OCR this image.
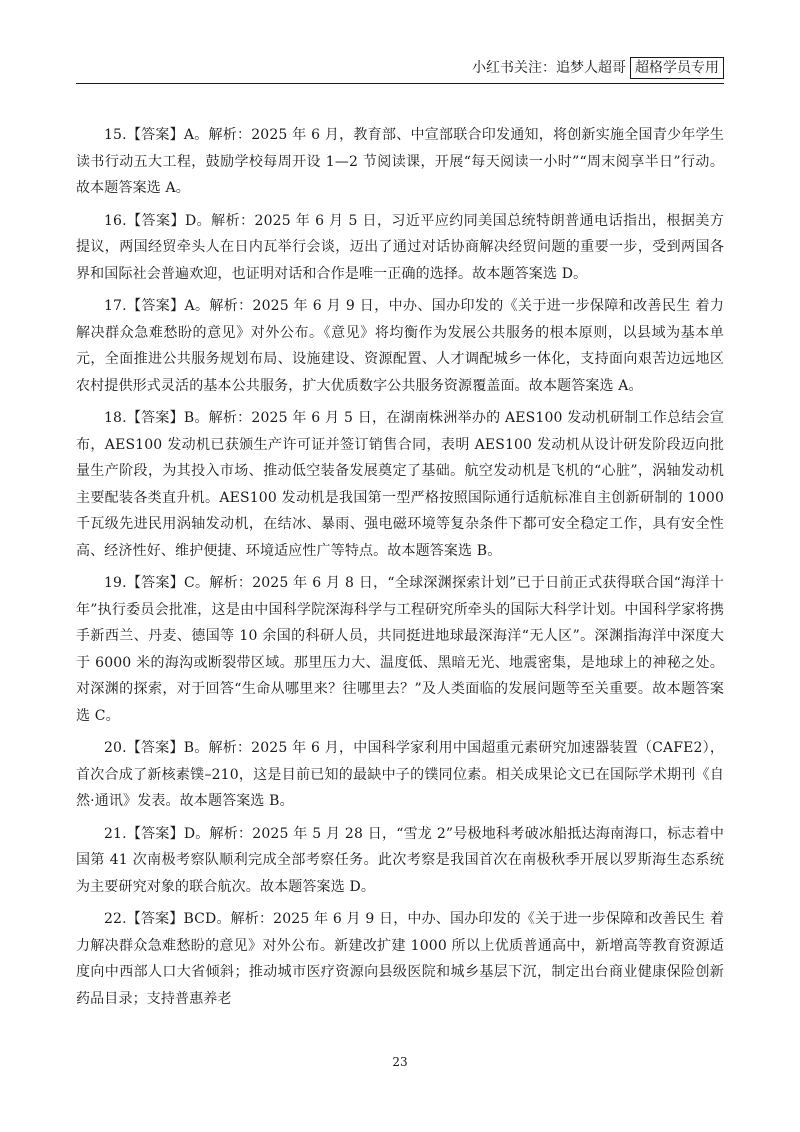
小红书关注：追梦人超哥 超格学员专用

15.【答案】A。解析：2025 年 6 月，教育部、中宣部联合印发通知，将创新实施全国青少年学生读书行动五大工程，鼓励学校每周开设 1—2 节阅读课，开展“每天阅读一小时”“周末阅享半日”行动。故本题答案选 A。

16.【答案】D。解析：2025 年 6 月 5 日，习近平应约同美国总统特朗普通电话指出，根据美方提议，两国经贸牵头人在日内瓦举行会谈，迈出了通过对话协商解决经贸问题的重要一步，受到两国各界和国际社会普遍欢迎，也证明对话和合作是唯一正确的选择。故本题答案选 D。

17.【答案】A。解析：2025 年 6 月 9 日，中办、国办印发的《关于进一步保障和改善民生 着力解决群众急难愁盼的意见》对外公布。《意见》将均衡作为发展公共服务的根本原则，以县域为基本单元，全面推进公共服务规划布局、设施建设、资源配置、人才调配城乡一体化，支持面向艰苦边远地区农村提供形式灵活的基本公共服务，扩大优质数字公共服务资源覆盖面。故本题答案选 A。

18.【答案】B。解析：2025 年 6 月 5 日，在湖南株洲举办的 AES100 发动机研制工作总结会宣布，AES100 发动机已获颁生产许可证并签订销售合同，表明 AES100 发动机从设计研发阶段迈向批量生产阶段，为其投入市场、推动低空装备发展奠定了基础。航空发动机是飞机的“心脏”，涡轴发动机主要配装各类直升机。AES100 发动机是我国第一型严格按照国际通行适航标准自主创新研制的 1000 千瓦级先进民用涡轴发动机，在结冰、暴雨、强电磁环境等复杂条件下都可安全稳定工作，具有安全性高、经济性好、维护便捷、环境适应性广等特点。故本题答案选 B。

19.【答案】C。解析：2025 年 6 月 8 日，“全球深渊探索计划”已于日前正式获得联合国“海洋十年”执行委员会批准，这是由中国科学院深海科学与工程研究所牵头的国际大科学计划。中国科学家将携手新西兰、丹麦、德国等 10 余国的科研人员，共同挺进地球最深海洋“无人区”。深渊指海洋中深度大于 6000 米的海沟或断裂带区域。那里压力大、温度低、黑暗无光、地震密集，是地球上的神秘之处。对深渊的探索，对于回答“生命从哪里来？往哪里去？”及人类面临的发展问题等至关重要。故本题答案选 C。

20.【答案】B。解析：2025 年 6 月，中国科学家利用中国超重元素研究加速器装置（CAFE2），首次合成了新核素镤–210，这是目前已知的最缺中子的镤同位素。相关成果论文已在国际学术期刊《自然·通讯》发表。故本题答案选 B。

21.【答案】D。解析：2025 年 5 月 28 日，“雪龙 2”号极地科考破冰船抵达海南海口，标志着中国第 41 次南极考察队顺利完成全部考察任务。此次考察是我国首次在南极秋季开展以罗斯海生态系统为主要研究对象的联合航次。故本题答案选 D。

22.【答案】BCD。解析：2025 年 6 月 9 日，中办、国办印发的《关于进一步保障和改善民生 着力解决群众急难愁盼的意见》对外公布。新建改扩建 1000 所以上优质普通高中，新增高等教育资源适度向中西部人口大省倾斜；推动城市医疗资源向县级医院和城乡基层下沉，制定出台商业健康保险创新药品目录；支持普惠养老

23
